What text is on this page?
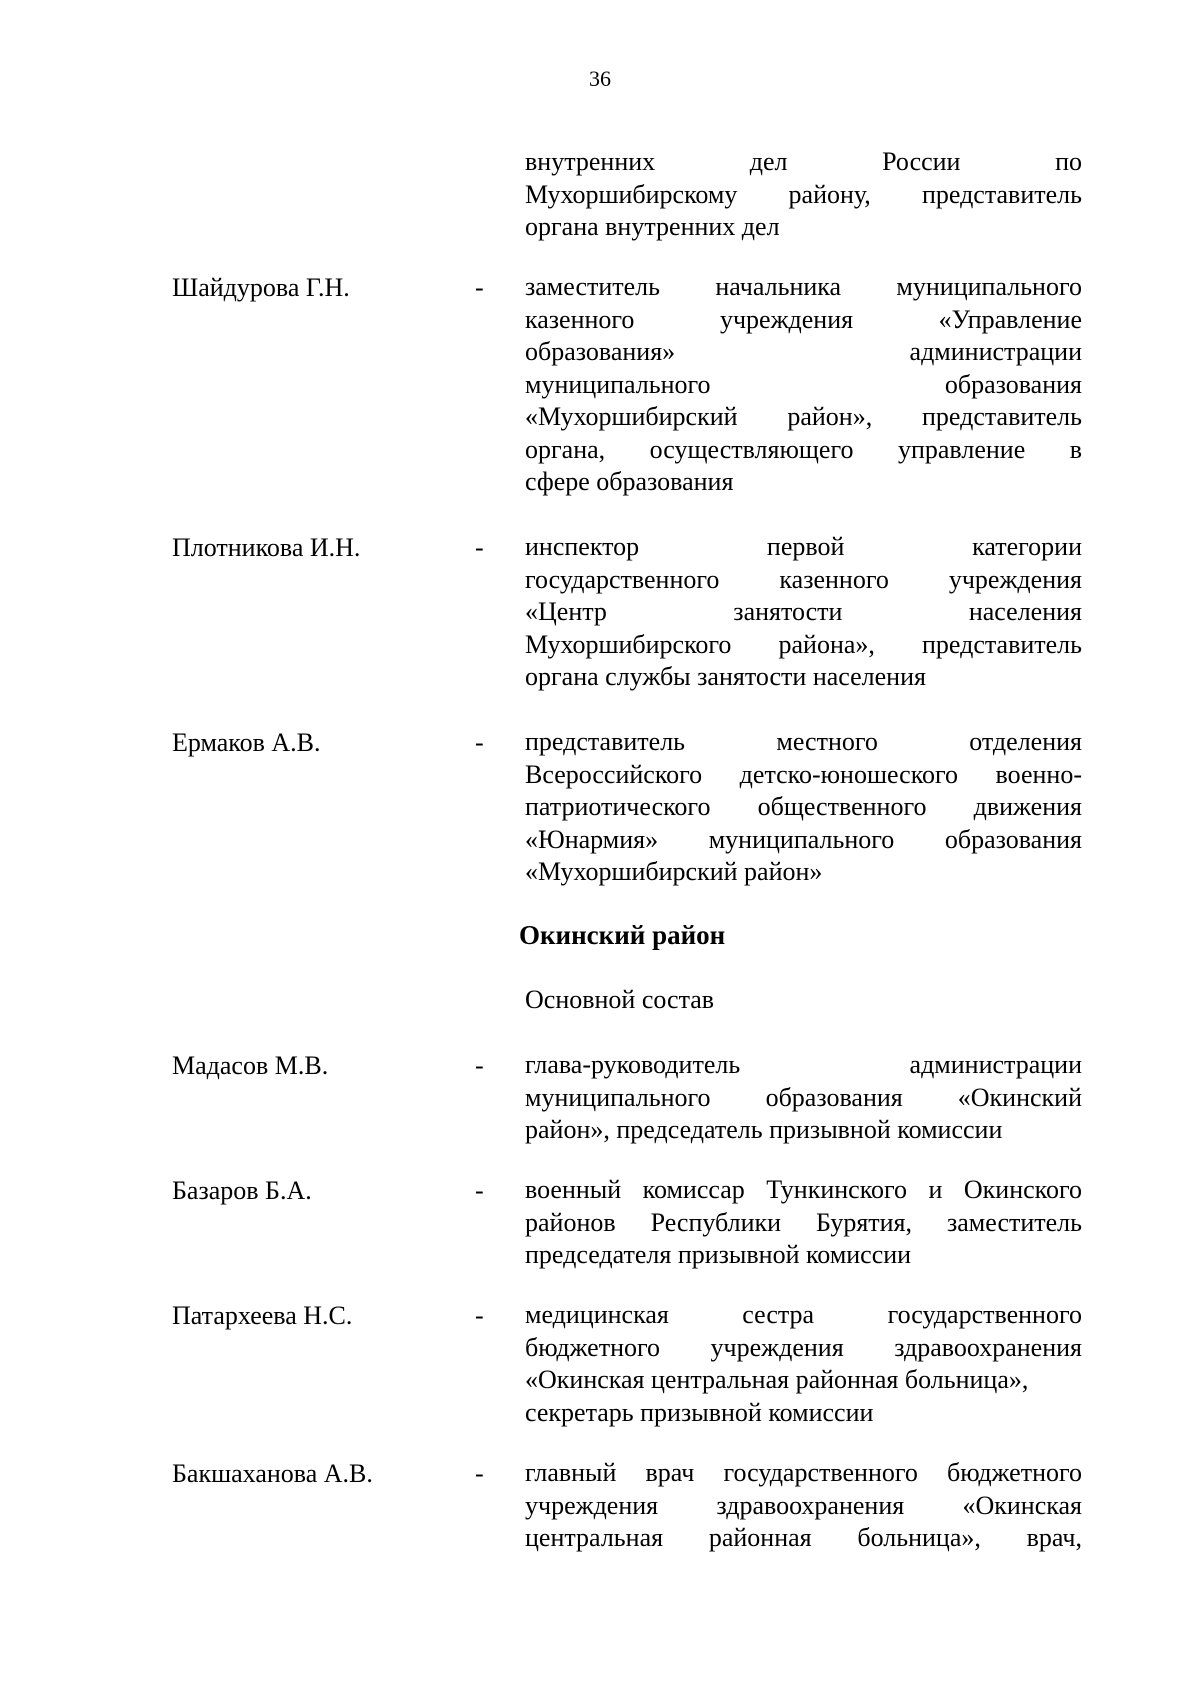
36
внутренних дел России по
Мухоршибирскому району, представитель
органа внутренних дел
Шайдурова Г.Н.	- заместитель начальника муниципального
казенного учреждения «Управление
образования» администрации
муниципального образования
«Мухоршибирский район», представитель
органа, осуществляющего управление в
сфере образования
Плотникова И.Н.	- инспектор первой категории
государственного казенного учреждения
«Центр занятости населения
Мухоршибирского района», представитель
органа службы занятости населения
Ермаков А.В.	- представитель местного отделения
Всероссийского детско-юношеского военно-
патриотического общественного движения
«Юнармия» муниципального образования
«Мухоршибирский район»
Окинский район
Основной состав
Мадасов М.В.	- глава-руководитель администрации
муниципального образования «Окинский
район», председатель призывной комиссии
Базаров Б.А.	- военный комиссар Тункинского и Окинского
районов Республики Бурятия, заместитель
председателя призывной комиссии
Патархеева Н.С.	- медицинская сестра государственного
бюджетного учреждения здравоохранения
«Окинская центральная районная больница»,
секретарь призывной комиссии
Бакшаханова А.В.	- главный врач государственного бюджетного
учреждения здравоохранения «Окинская
центральная районная больница», врач,
